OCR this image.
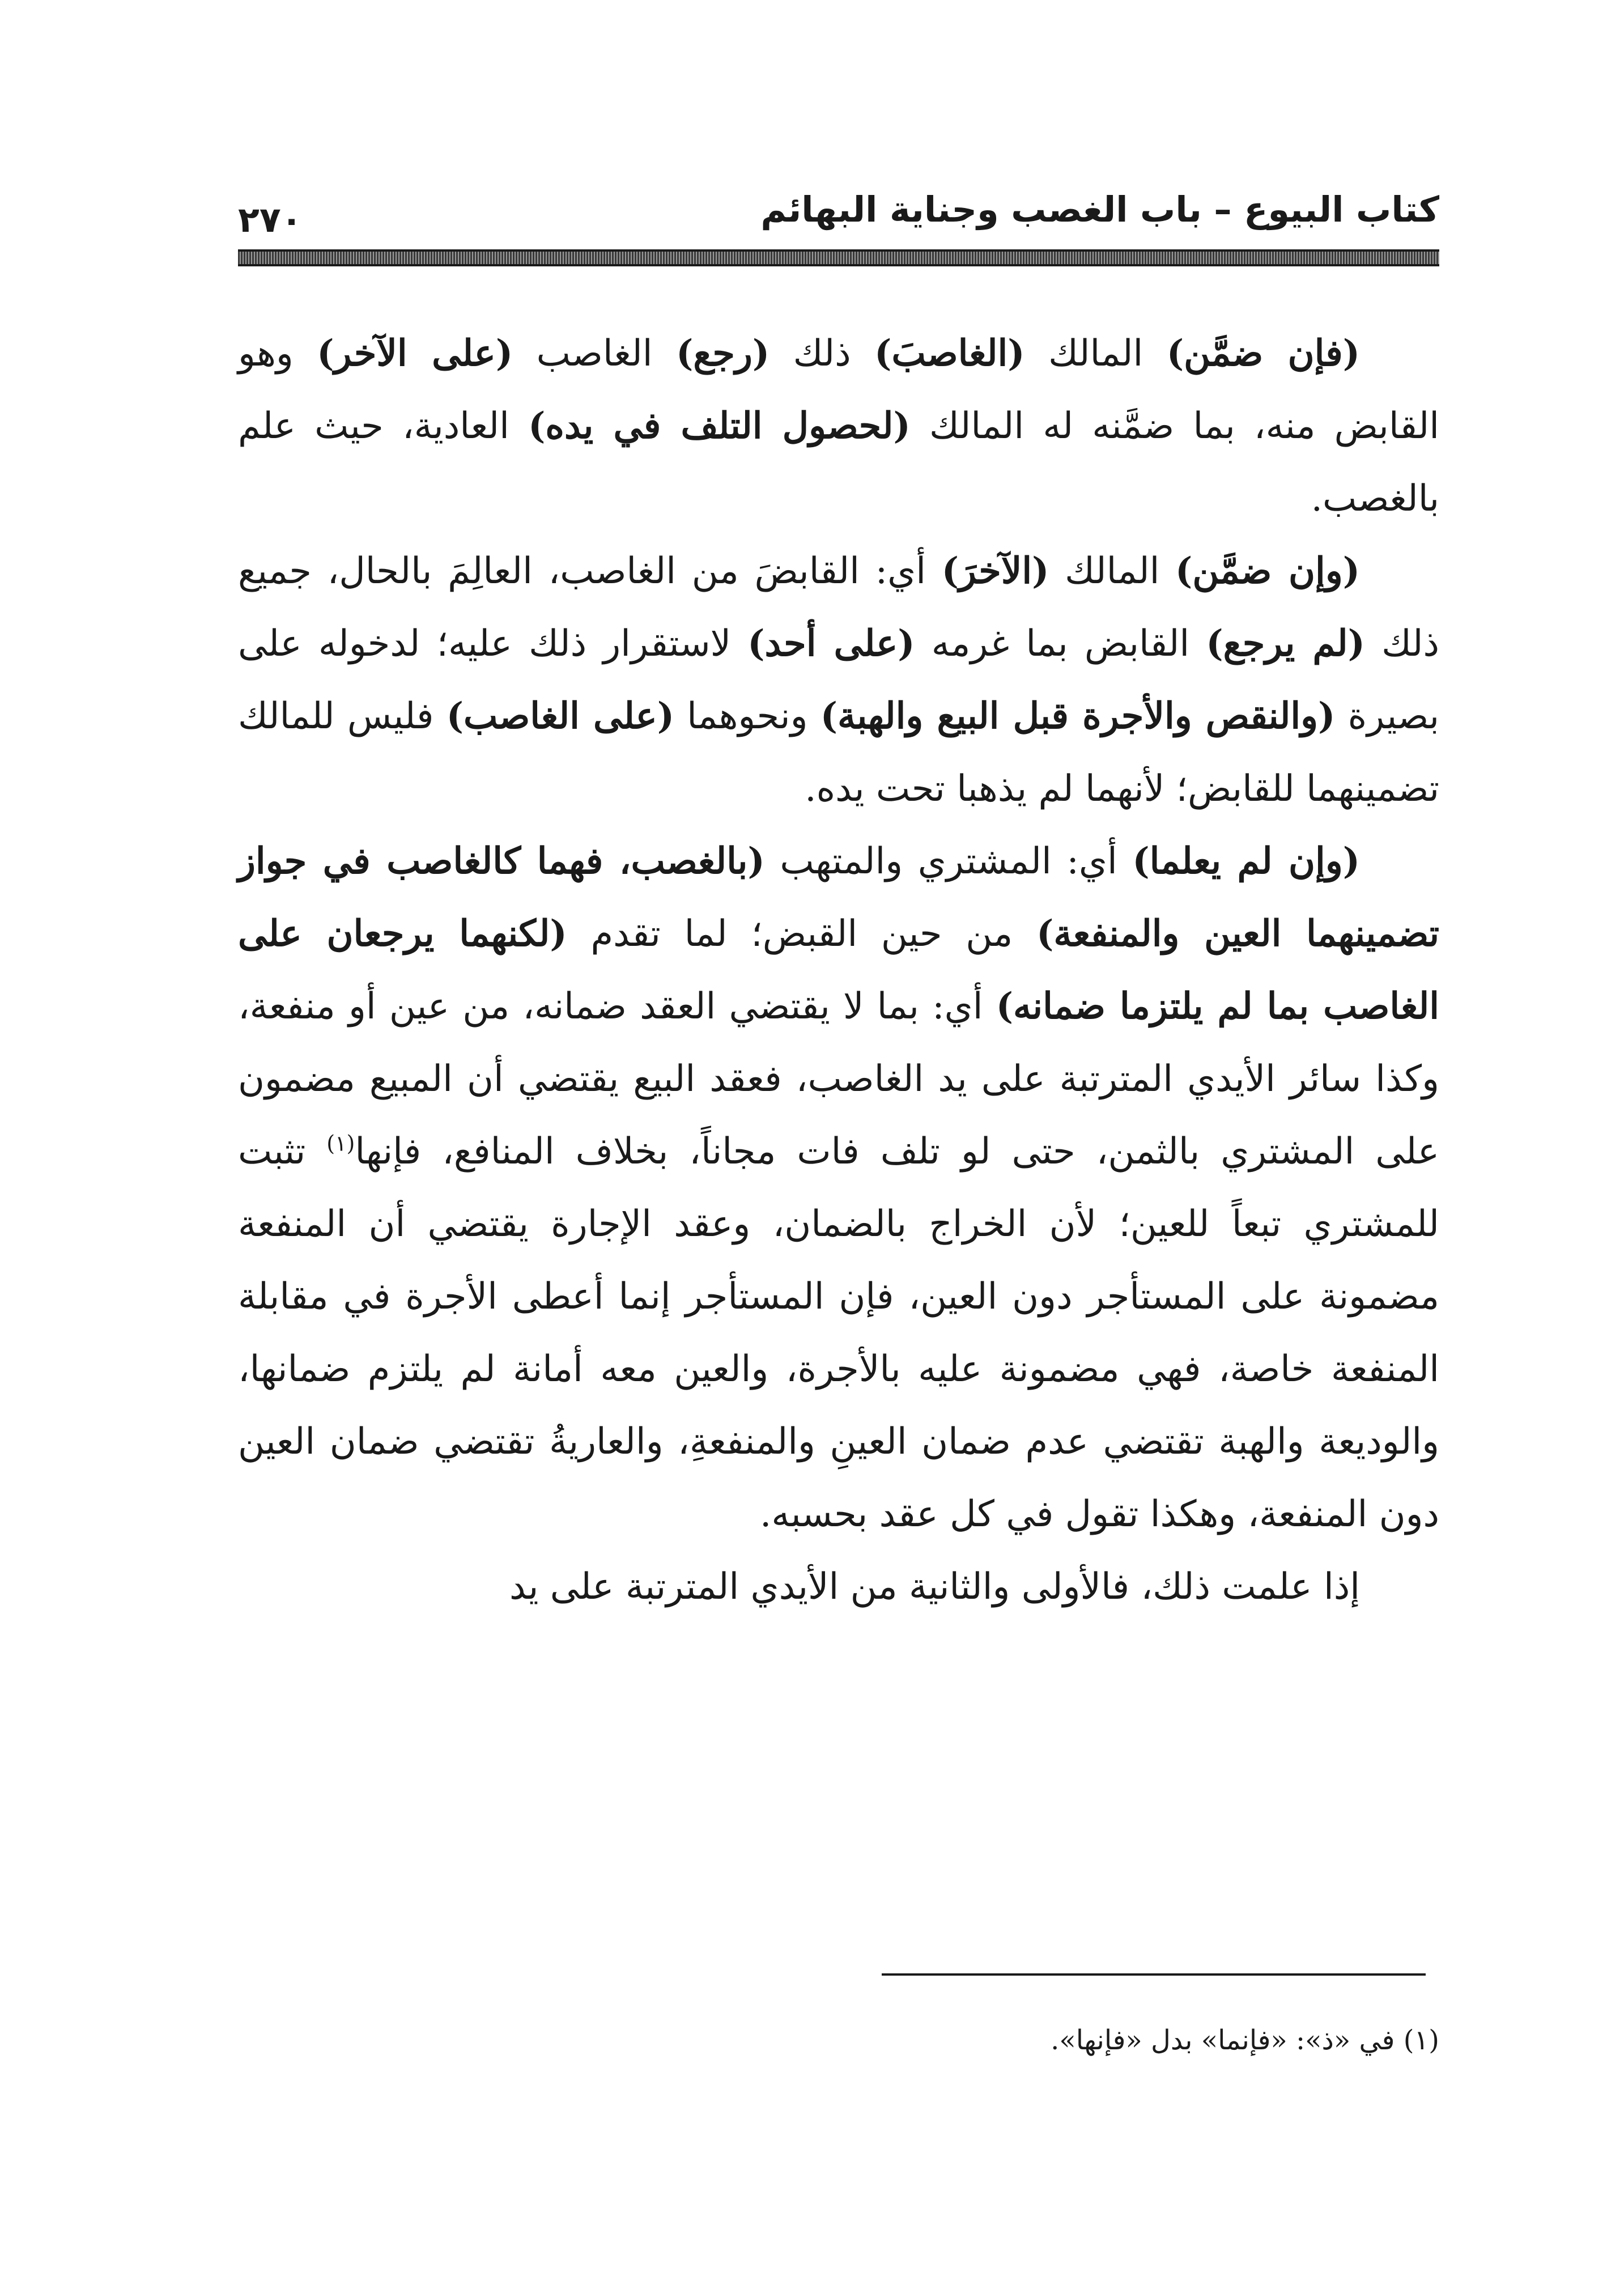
كتاب البيوع – باب الغصب وجناية البهائم
٢٧٠

(فإن ضمَّن) المالك (الغاصبَ) ذلك (رجع) الغاصب (على الآخر) وهو القابض منه، بما ضمَّنه له المالك (لحصول التلف في يده) العادية، حيث علم بالغصب.

(وإن ضمَّن) المالك (الآخرَ) أي: القابضَ من الغاصب، العالِمَ بالحال، جميع ذلك (لم يرجع) القابض بما غرمه (على أحد) لاستقرار ذلك عليه؛ لدخوله على بصيرة (والنقص والأجرة قبل البيع والهبة) ونحوهما (على الغاصب) فليس للمالك تضمينهما للقابض؛ لأنهما لم يذهبا تحت يده.

(وإن لم يعلما) أي: المشتري والمتهب (بالغصب، فهما كالغاصب في جواز تضمينهما العين والمنفعة) من حين القبض؛ لما تقدم (لكنهما يرجعان على الغاصب بما لم يلتزما ضمانه) أي: بما لا يقتضي العقد ضمانه، من عين أو منفعة، وكذا سائر الأيدي المترتبة على يد الغاصب، فعقد البيع يقتضي أن المبيع مضمون على المشتري بالثمن، حتى لو تلف فات مجاناً، بخلاف المنافع، فإنها$^{(١)}$ تثبت للمشتري تبعاً للعين؛ لأن الخراج بالضمان، وعقد الإجارة يقتضي أن المنفعة مضمونة على المستأجر دون العين، فإن المستأجر إنما أعطى الأجرة في مقابلة المنفعة خاصة، فهي مضمونة عليه بالأجرة، والعين معه أمانة لم يلتزم ضمانها، والوديعة والهبة تقتضي عدم ضمان العينِ والمنفعةِ، والعاريةُ تقتضي ضمان العين دون المنفعة، وهكذا تقول في كل عقد بحسبه.

إذا علمت ذلك، فالأولى والثانية من الأيدي المترتبة على يد

(١) في «ذ»: «فإنما» بدل «فإنها».
